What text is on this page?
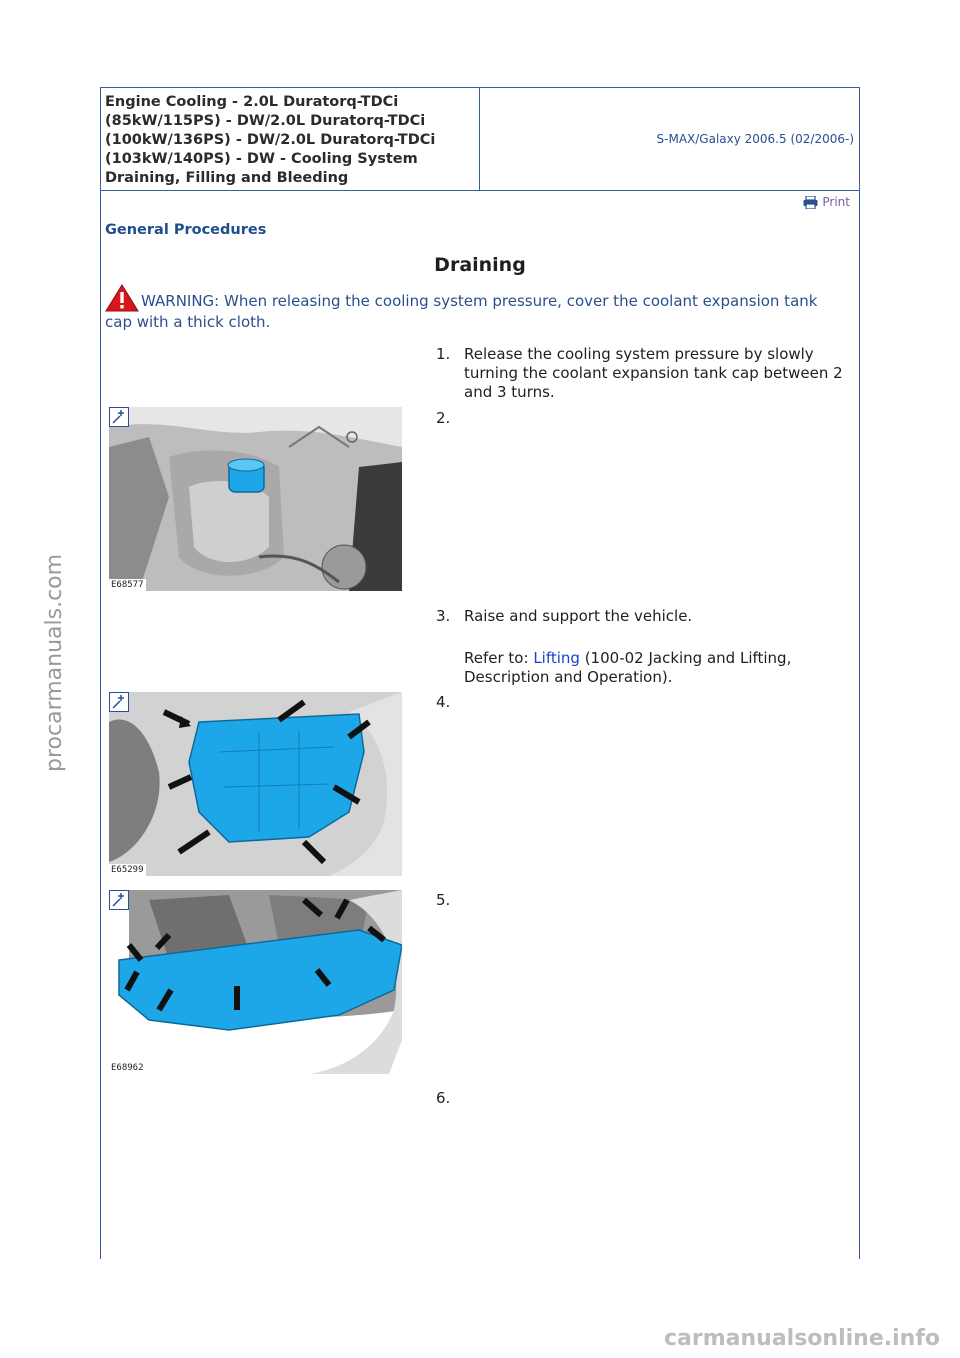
Engine Cooling - 2.0L Duratorq-TDCi (85kW/115PS) - DW/2.0L Duratorq-TDCi (100kW/136PS) - DW/2.0L Duratorq-TDCi (103kW/140PS) - DW - Cooling System Draining, Filling and Bleeding
S-MAX/Galaxy 2006.5 (02/2006-)
Print
General Procedures
Draining
WARNING: When releasing the cooling system pressure, cover the coolant expansion tank cap with a thick cloth.
1. Release the cooling system pressure by slowly turning the coolant expansion tank cap between 2 and 3 turns.
E68577
2.
3. Raise and support the vehicle.
Refer to: Lifting (100-02 Jacking and Lifting, Description and Operation).
E65299
4.
E68962
5.
6.
procarmanuals.com
carmanualsonline.info
